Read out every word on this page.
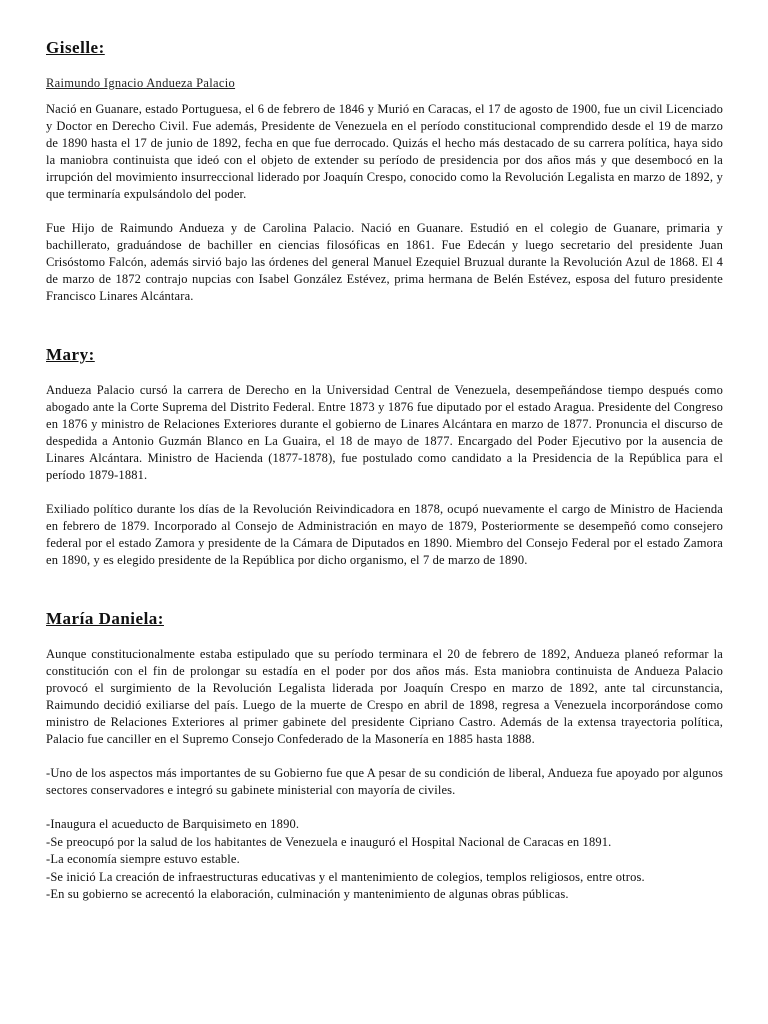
Giselle:
Raimundo Ignacio Andueza Palacio

Nació en Guanare, estado Portuguesa, el 6 de febrero de 1846 y Murió en Caracas, el 17 de agosto de 1900, fue un civil Licenciado y Doctor en Derecho Civil. Fue además, Presidente de Venezuela en el período constitucional comprendido desde el 19 de marzo de 1890 hasta el 17 de junio de 1892, fecha en que fue derrocado. Quizás el hecho más destacado de su carrera política, haya sido la maniobra continuista que ideó con el objeto de extender su período de presidencia por dos años más y que desembocó en la irrupción del movimiento insurreccional liderado por Joaquín Crespo, conocido como la Revolución Legalista en marzo de 1892, y que terminaría expulsándolo del poder.

Fue Hijo de Raimundo Andueza y de Carolina Palacio. Nació en Guanare. Estudió en el colegio de Guanare, primaria y bachillerato, graduándose de bachiller en ciencias filosóficas en 1861. Fue Edecán y luego secretario del presidente Juan Crisóstomo Falcón, además sirvió bajo las órdenes del general Manuel Ezequiel Bruzual durante la Revolución Azul de 1868. El 4 de marzo de 1872 contrajo nupcias con Isabel González Estévez, prima hermana de Belén Estévez, esposa del futuro presidente Francisco Linares Alcántara.

Mary:

Andueza Palacio cursó la carrera de Derecho en la Universidad Central de Venezuela, desempeñándose tiempo después como abogado ante la Corte Suprema del Distrito Federal. Entre 1873 y 1876 fue diputado por el estado Aragua. Presidente del Congreso en 1876 y ministro de Relaciones Exteriores durante el gobierno de Linares Alcántara en marzo de 1877. Pronuncia el discurso de despedida a Antonio Guzmán Blanco en La Guaira, el 18 de mayo de 1877. Encargado del Poder Ejecutivo por la ausencia de Linares Alcántara. Ministro de Hacienda (1877-1878), fue postulado como candidato a la Presidencia de la República para el período 1879-1881.

Exiliado político durante los días de la Revolución Reivindicadora en 1878, ocupó nuevamente el cargo de Ministro de Hacienda en febrero de 1879. Incorporado al Consejo de Administración en mayo de 1879, Posteriormente se desempeñó como consejero federal por el estado Zamora y presidente de la Cámara de Diputados en 1890. Miembro del Consejo Federal por el estado Zamora en 1890, y es elegido presidente de la República por dicho organismo, el 7 de marzo de 1890.

María Daniela:

Aunque constitucionalmente estaba estipulado que su período terminara el 20 de febrero de 1892, Andueza planeó reformar la constitución con el fin de prolongar su estadía en el poder por dos años más. Esta maniobra continuista de Andueza Palacio provocó el surgimiento de la Revolución Legalista liderada por Joaquín Crespo en marzo de 1892, ante tal circunstancia, Raimundo decidió exiliarse del país. Luego de la muerte de Crespo en abril de 1898, regresa a Venezuela incorporándose como ministro de Relaciones Exteriores al primer gabinete del presidente Cipriano Castro. Además de la extensa trayectoria política, Palacio fue canciller en el Supremo Consejo Confederado de la Masonería en 1885 hasta 1888.

-Uno de los aspectos más importantes de su Gobierno fue que A pesar de su condición de liberal, Andueza fue apoyado por algunos sectores conservadores e integró su gabinete ministerial con mayoría de civiles.

-Inaugura el acueducto de Barquisimeto en 1890.

-Se preocupó por la salud de los habitantes de Venezuela e inauguró el Hospital Nacional de Caracas en 1891.

-La economía siempre estuvo estable.

-Se inició La creación de infraestructuras educativas y el mantenimiento de colegios, templos religiosos, entre otros.

-En su gobierno se acrecentó la elaboración, culminación y mantenimiento de algunas obras públicas.
